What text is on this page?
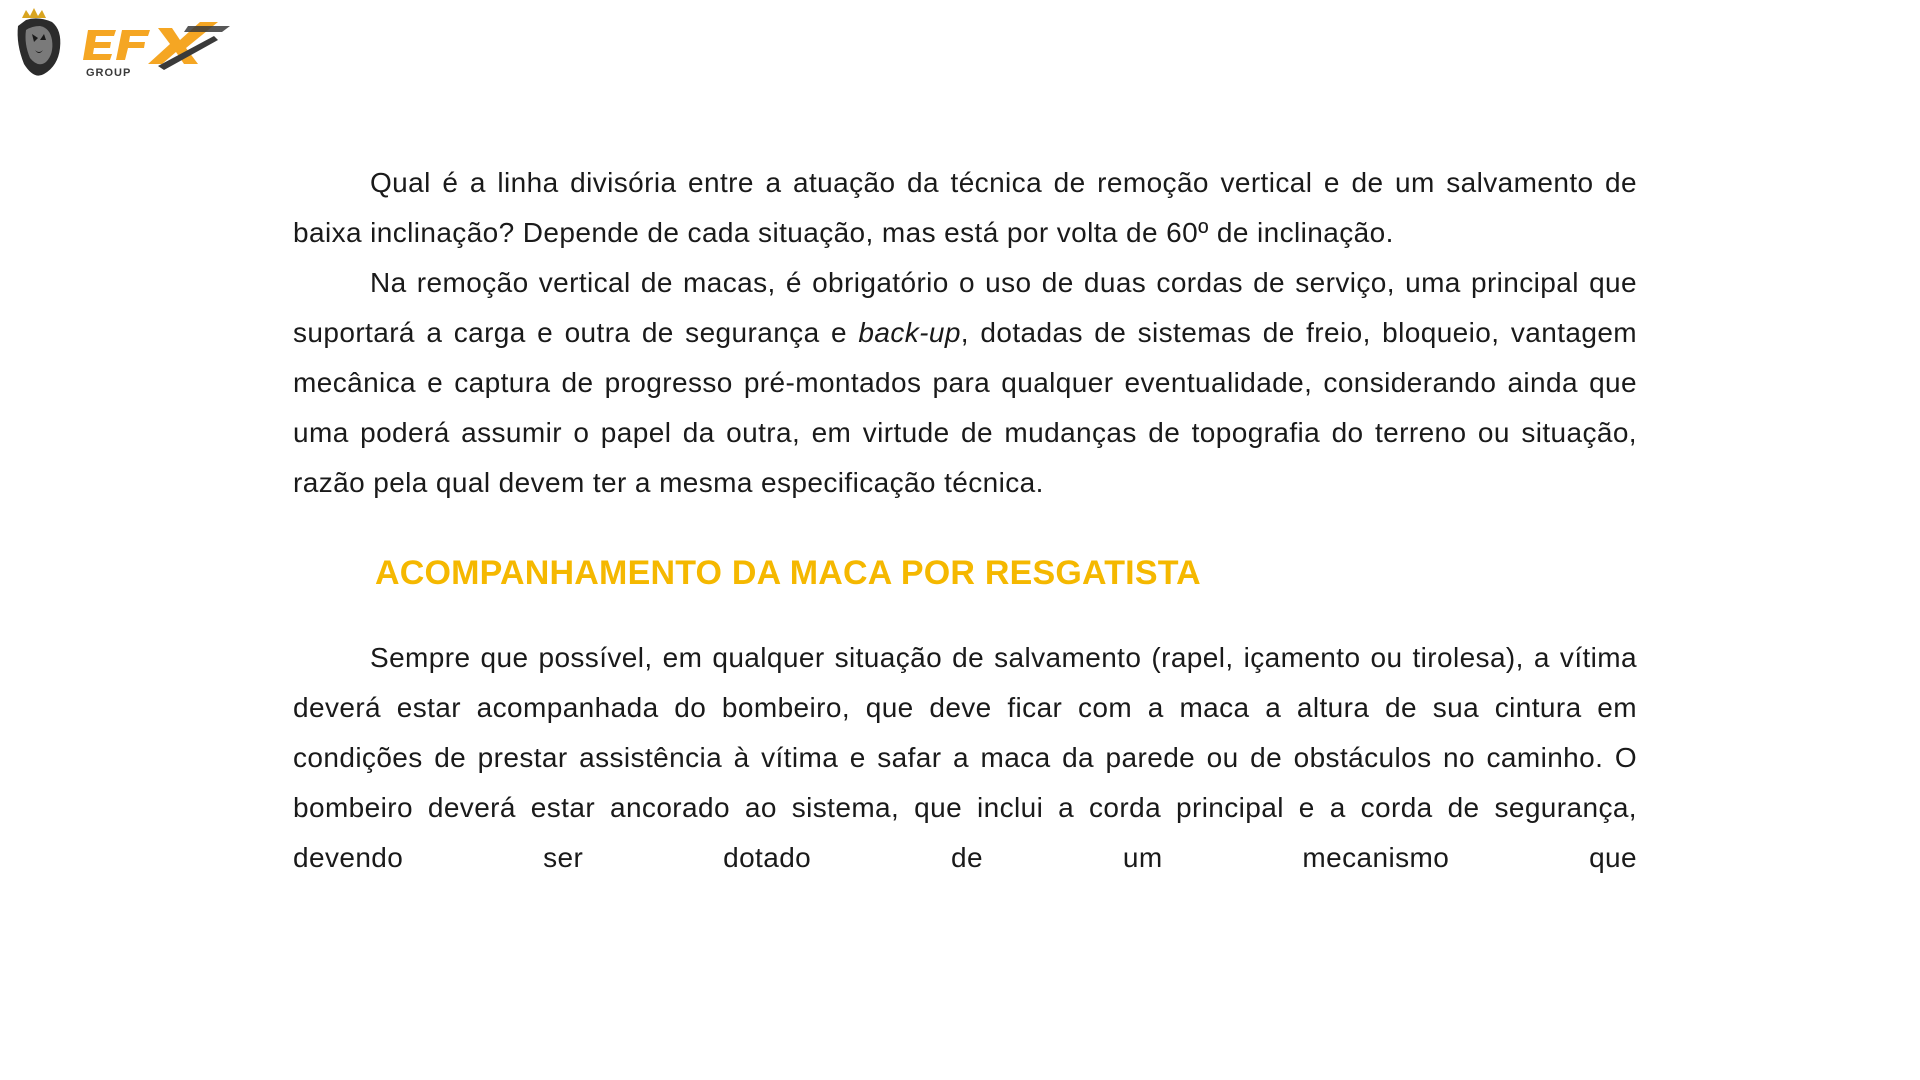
GROUP

Qual é a linha divisória entre a atuação da técnica de remoção vertical e de um salvamento de baixa inclinação? Depende de cada situação, mas está por volta de 60º de inclinação.

Na remoção vertical de macas, é obrigatório o uso de duas cordas de serviço, uma principal que suportará a carga e outra de segurança e back-up, dotadas de sistemas de freio, bloqueio, vantagem mecânica e captura de progresso pré-montados para qualquer eventualidade, considerando ainda que uma poderá assumir o papel da outra, em virtude de mudanças de topografia do terreno ou situação, razão pela qual devem ter a mesma especificação técnica.

ACOMPANHAMENTO DA MACA POR RESGATISTA

Sempre que possível, em qualquer situação de salvamento (rapel, içamento ou tirolesa), a vítima deverá estar acompanhada do bombeiro, que deve ficar com a maca a altura de sua cintura em condições de prestar assistência à vítima e safar a maca da parede ou de obstáculos no caminho. O bombeiro deverá estar ancorado ao sistema, que inclui a corda principal e a corda de segurança, devendo ser dotado de um mecanismo que
